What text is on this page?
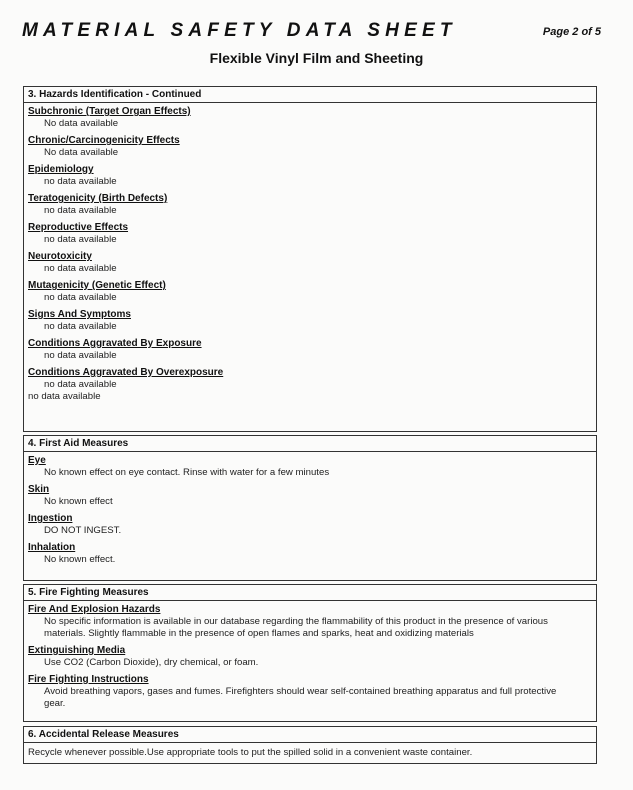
MATERIAL SAFETY DATA SHEET	Page 2 of 5
Flexible Vinyl Film and Sheeting
3. Hazards Identification - Continued
Subchronic (Target Organ Effects)
No data available
Chronic/Carcinogenicity Effects
No data available
Epidemiology
no data available
Teratogenicity (Birth Defects)
no data available
Reproductive Effects
no data available
Neurotoxicity
no data available
Mutagenicity (Genetic Effect)
no data available
Signs And Symptoms
no data available
Conditions Aggravated By Exposure
no data available
Conditions Aggravated By Overexposure
no data available
no data available
4. First Aid Measures
Eye
No known effect on eye contact. Rinse with water for a few minutes
Skin
No known effect
Ingestion
DO NOT INGEST.
Inhalation
No known effect.
5. Fire Fighting Measures
Fire And Explosion Hazards
No specific information is available in our database regarding the flammability of this product in the presence of various materials. Slightly flammable in the presence of open flames and sparks, heat and oxidizing materials
Extinguishing Media
Use CO2 (Carbon Dioxide), dry chemical, or foam.
Fire Fighting Instructions
Avoid breathing vapors, gases and fumes. Firefighters should wear self-contained breathing apparatus and full protective gear.
6. Accidental Release Measures
Recycle whenever possible.Use appropriate tools to put the spilled solid in a convenient waste container.
